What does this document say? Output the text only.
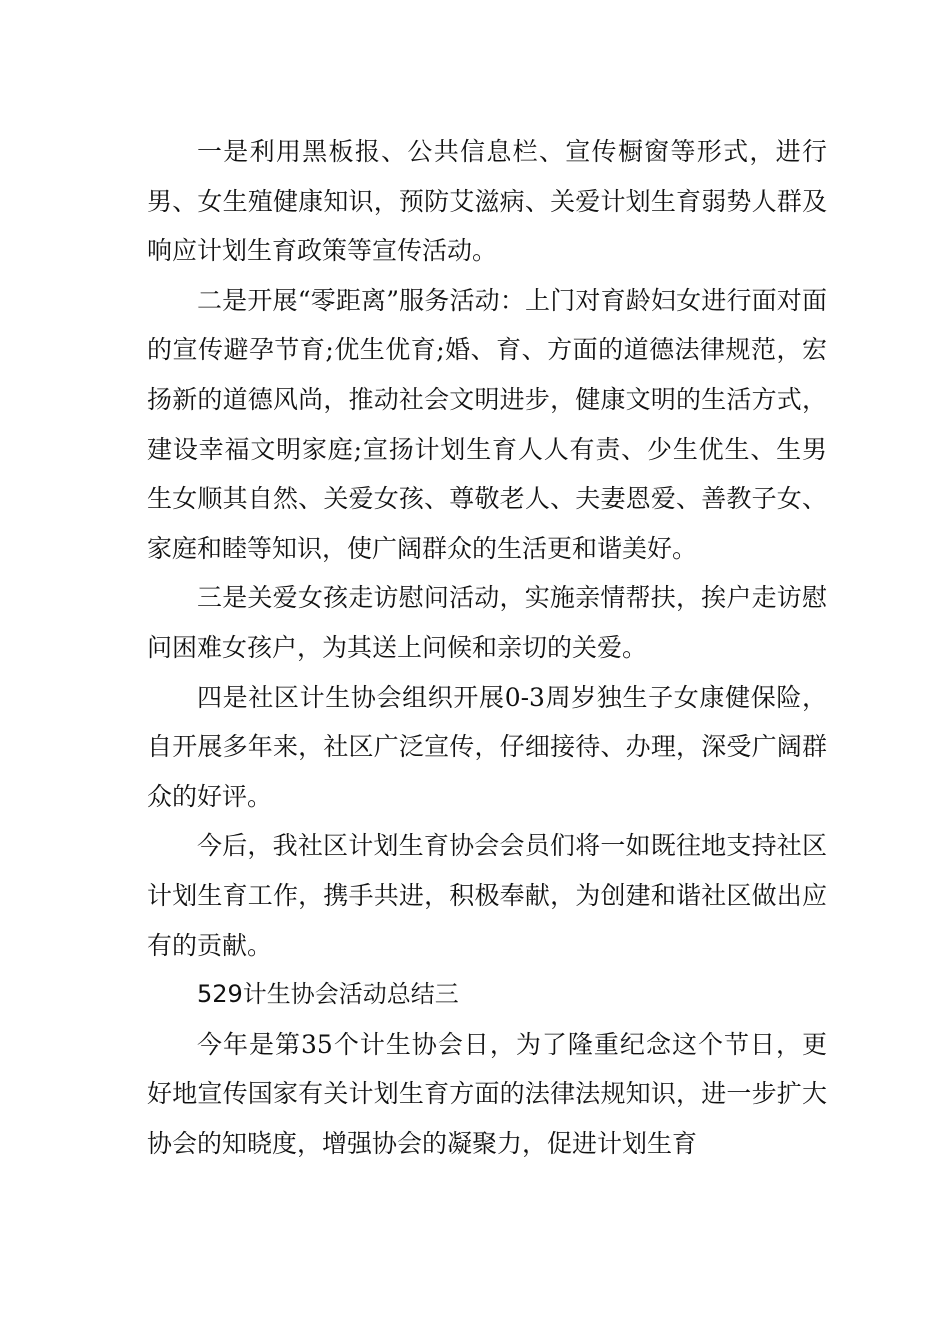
一是利用黑板报、公共信息栏、宣传橱窗等形式，进行男、女生殖健康知识，预防艾滋病、关爱计划生育弱势人群及响应计划生育政策等宣传活动。

二是开展“零距离”服务活动：上门对育龄妇女进行面对面的宣传避孕节育;优生优育;婚、育、方面的道德法律规范，宏扬新的道德风尚，推动社会文明进步，健康文明的生活方式，建设幸福文明家庭;宣扬计划生育人人有责、少生优生、生男生女顺其自然、关爱女孩、尊敬老人、夫妻恩爱、善教子女、家庭和睦等知识，使广阔群众的生活更和谐美好。

三是关爱女孩走访慰问活动，实施亲情帮扶，挨户走访慰问困难女孩户，为其送上问候和亲切的关爱。

四是社区计生协会组织开展0-3周岁独生子女康健保险，自开展多年来，社区广泛宣传，仔细接待、办理，深受广阔群众的好评。

今后，我社区计划生育协会会员们将一如既往地支持社区计划生育工作，携手共进，积极奉献，为创建和谐社区做出应有的贡献。

529计生协会活动总结三

今年是第35个计生协会日，为了隆重纪念这个节日，更好地宣传国家有关计划生育方面的法律法规知识，进一步扩大协会的知晓度，增强协会的凝聚力，促进计划生育
